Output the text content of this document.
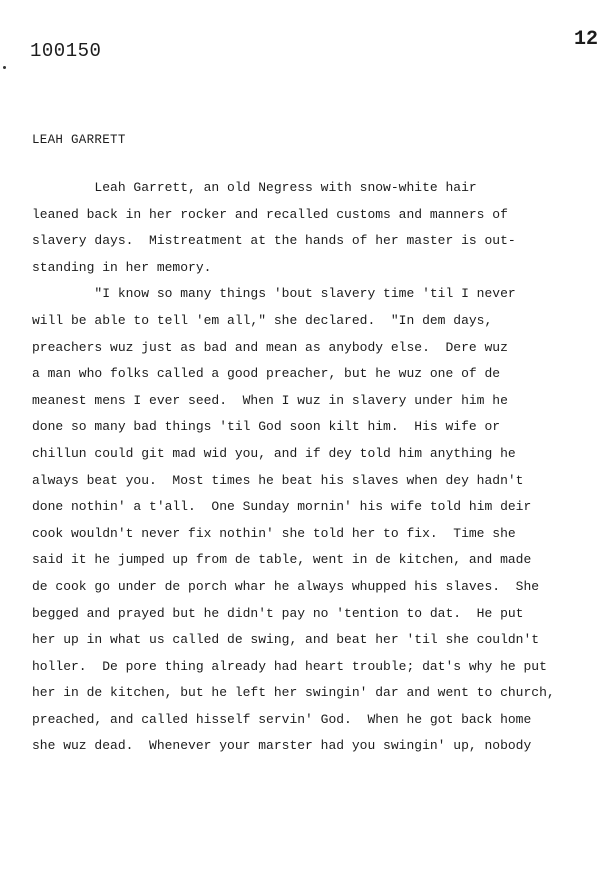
100150	12
LEAH GARRETT
Leah Garrett, an old Negress with snow-white hair
leaned back in her rocker and recalled customs and manners of
slavery days.  Mistreatment at the hands of her master is out-
standing in her memory.
"I know so many things 'bout slavery time 'til I never
will be able to tell 'em all," she declared.  "In dem days,
preachers wuz just as bad and mean as anybody else.  Dere wuz
a man who folks called a good preacher, but he wuz one of de
meanest mens I ever seed.  When I wuz in slavery under him he
done so many bad things 'til God soon kilt him.  His wife or
chillun could git mad wid you, and if dey told him anything he
always beat you.  Most times he beat his slaves when dey hadn't
done nothin' a t'all.  One Sunday mornin' his wife told him deir
cook wouldn't never fix nothin' she told her to fix.  Time she
said it he jumped up from de table, went in de kitchen, and made
de cook go under de porch whar he always whupped his slaves.  She
begged and prayed but he didn't pay no 'tention to dat.  He put
her up in what us called de swing, and beat her 'til she couldn't
holler.  De pore thing already had heart trouble; dat's why he put
her in de kitchen, but he left her swingin' dar and went to church,
preached, and called hisself servin' God.  When he got back home
she wuz dead.  Whenever your marster had you swingin' up, nobody
